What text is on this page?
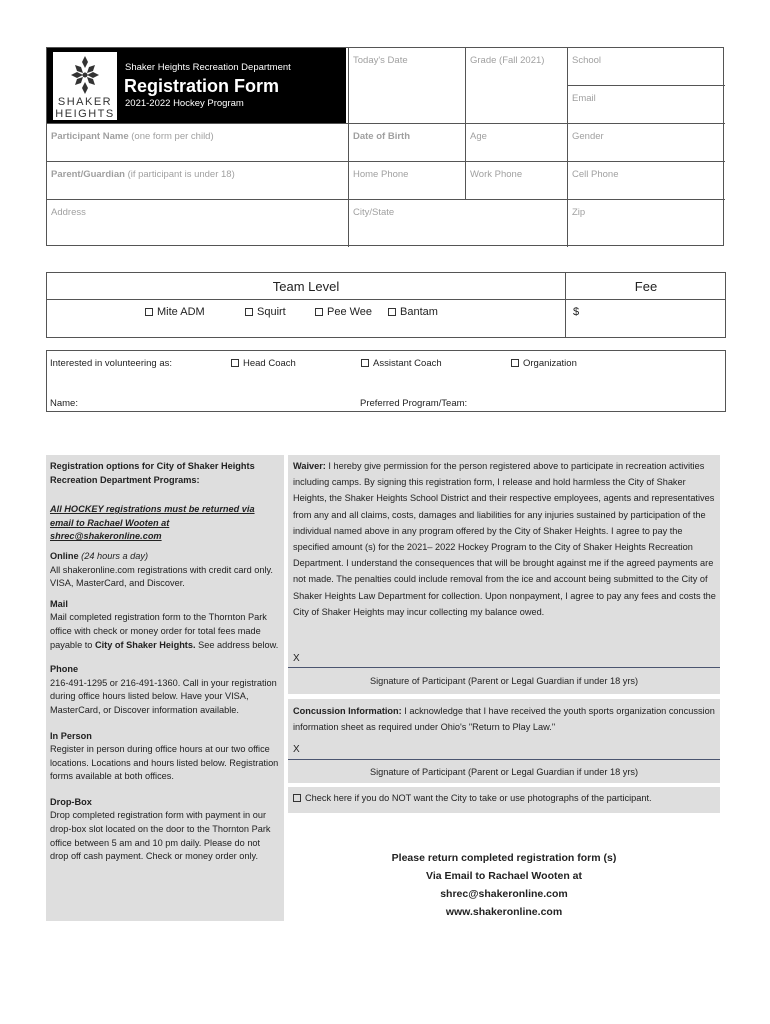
SHAKER
HEIGHTS
Shaker Heights Recreation Department
Registration Form
2021-2022 Hockey Program
Today's Date	Grade (Fall 2021)	School
Email
Participant Name (one form per child)	Date of Birth	Age	Gender
Parent/Guardian (if participant is under 18)	Home Phone	Work Phone	Cell Phone
Address	City/State	Zip
Team Level	Fee
Mite ADM	Squirt	Pee Wee	Bantam	$
Interested in volunteering as:	Head Coach	Assistant Coach	Organization
Name:	Preferred Program/Team:

Registration options for City of Shaker Heights Recreation Department Programs:

All HOCKEY registrations must be returned via email to Rachael Wooten at shrec@shakeronline.com

Online (24 hours a day)

All shakeronline.com registrations with credit card only. VISA, MasterCard, and Discover.

Mail

Mail completed registration form to the Thornton Park office with check or money order for total fees made payable to City of Shaker Heights. See address below.

Phone

216-491-1295 or 216-491-1360. Call in your registration during office hours listed below. Have your VISA, MasterCard, or Discover information available.

In Person

Register in person during office hours at our two office locations. Locations and hours listed below. Registration forms available at both offices.

Drop-Box

Drop completed registration form with payment in our drop-box slot located on the door to the Thornton Park office between 5 am and 10 pm daily. Please do not drop off cash payment. Check or money order only.

Waiver: I hereby give permission for the person registered above to participate in recreation activities including camps. By signing this registration form, I release and hold harmless the City of Shaker Heights, the Shaker Heights School District and their respective employees, agents and representatives from any and all claims, costs, damages and liabilities for any injuries sustained by participation of the individual named above in any program offered by the City of Shaker Heights. I agree to pay the specified amount (s) for the 2021– 2022 Hockey Program to the City of Shaker Heights Recreation Department. I understand the consequences that will be brought against me if the agreed payments are not made. The penalties could include removal from the ice and account being submitted to the City of Shaker Heights Law Department for collection. Upon nonpayment, I agree to pay any fees and costs the City of Shaker Heights may incur collecting my balance owed.
X
Signature of Participant (Parent or Legal Guardian if under 18 yrs)
Concussion Information: I acknowledge that I have received the youth sports organization concussion information sheet as required under Ohio's "Return to Play Law."
X
Signature of Participant (Parent or Legal Guardian if under 18 yrs)
Check here if you do NOT want the City to take or use photographs of the participant.
Please return completed registration form (s)
Via Email to Rachael Wooten at
shrec@shakeronline.com
www.shakeronline.com
